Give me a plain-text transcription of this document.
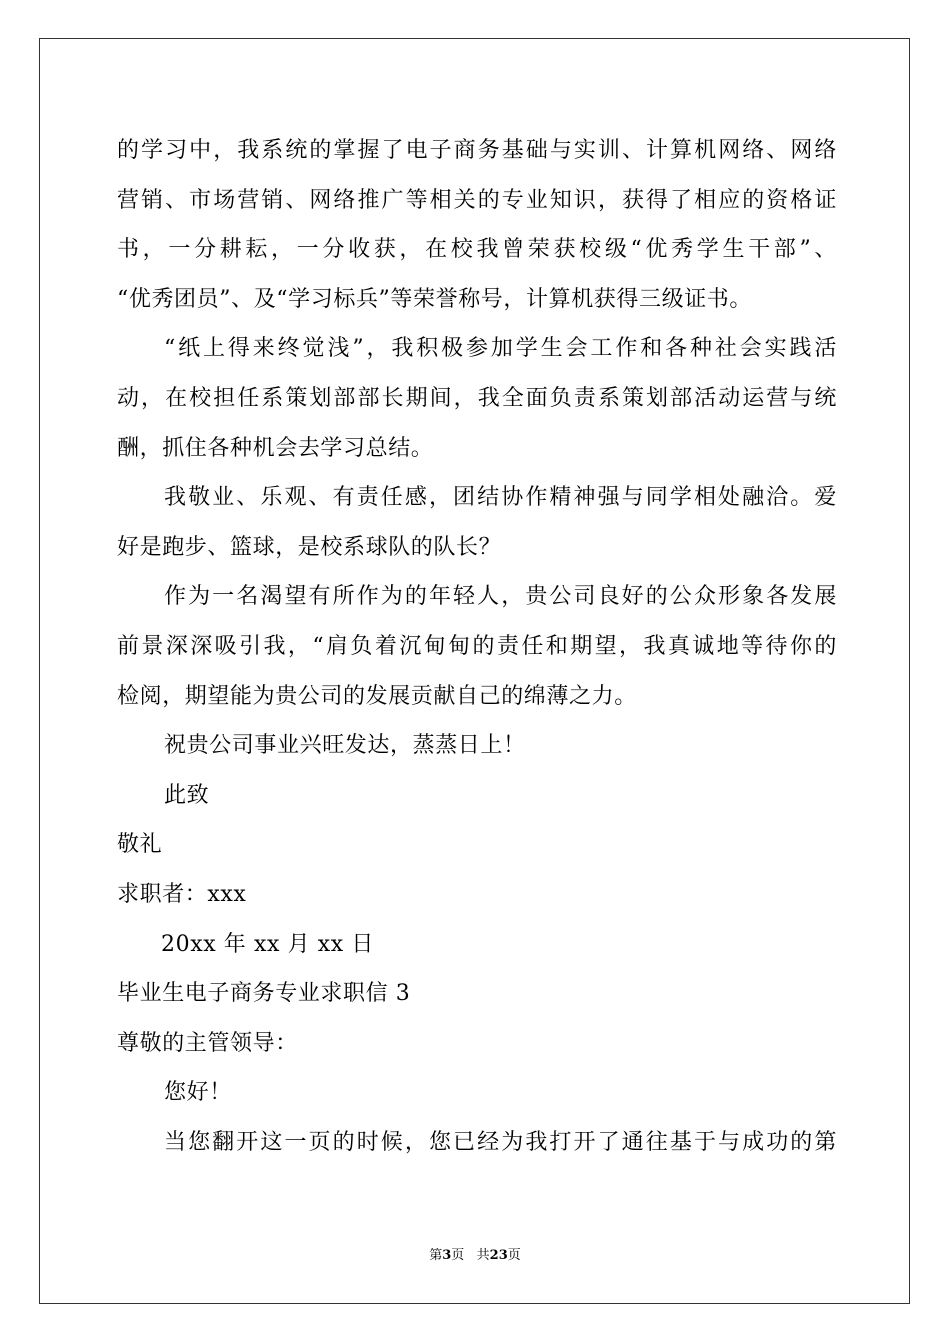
的学习中，我系统的掌握了电子商务基础与实训、计算机网络、网络
营销、市场营销、网络推广等相关的专业知识，获得了相应的资格证
书，一分耕耘，一分收获，在校我曾荣获校级“优秀学生干部”、
“优秀团员”、及“学习标兵”等荣誉称号，计算机获得三级证书。
“纸上得来终觉浅”，我积极参加学生会工作和各种社会实践活
动，在校担任系策划部部长期间，我全面负责系策划部活动运营与统
酬，抓住各种机会去学习总结。
我敬业、乐观、有责任感，团结协作精神强与同学相处融洽。爱
好是跑步、篮球，是校系球队的队长？
作为一名渴望有所作为的年轻人，贵公司良好的公众形象各发展
前景深深吸引我，“肩负着沉甸甸的责任和期望，我真诚地等待你的
检阅，期望能为贵公司的发展贡献自己的绵薄之力。
祝贵公司事业兴旺发达，蒸蒸日上！
此致
敬礼
求职者：xxx
20xx 年 xx 月 xx 日
毕业生电子商务专业求职信 3
尊敬的主管领导：
您好！
当您翻开这一页的时候，您已经为我打开了通往基于与成功的第
第3页   共23页
